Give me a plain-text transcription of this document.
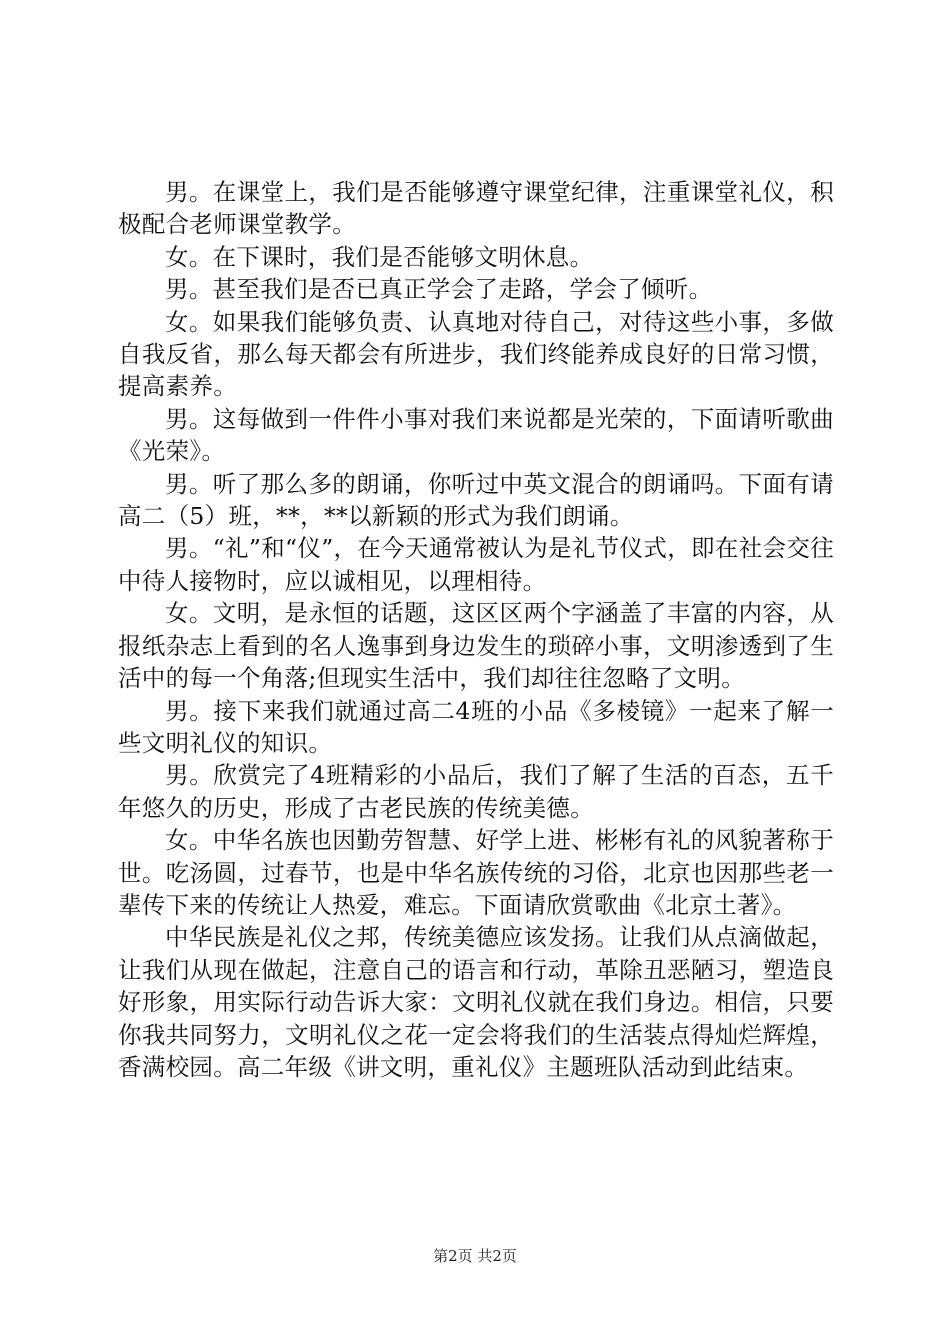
男。在课堂上，我们是否能够遵守课堂纪律，注重课堂礼仪，积极配合老师课堂教学。

女。在下课时，我们是否能够文明休息。

男。甚至我们是否已真正学会了走路，学会了倾听。

女。如果我们能够负责、认真地对待自己，对待这些小事，多做自我反省，那么每天都会有所进步，我们终能养成良好的日常习惯，提高素养。

男。这每做到一件件小事对我们来说都是光荣的，下面请听歌曲《光荣》。

男。听了那么多的朗诵，你听过中英文混合的朗诵吗。下面有请高二（5）班，**，**以新颖的形式为我们朗诵。

男。“礼”和“仪”，在今天通常被认为是礼节仪式，即在社会交往中待人接物时，应以诚相见，以理相待。

女。文明，是永恒的话题，这区区两个字涵盖了丰富的内容，从报纸杂志上看到的名人逸事到身边发生的琐碎小事，文明渗透到了生活中的每一个角落;但现实生活中，我们却往往忽略了文明。

男。接下来我们就通过高二4班的小品《多棱镜》一起来了解一些文明礼仪的知识。

男。欣赏完了4班精彩的小品后，我们了解了生活的百态，五千年悠久的历史，形成了古老民族的传统美德。

女。中华名族也因勤劳智慧、好学上进、彬彬有礼的风貌著称于世。吃汤圆，过春节，也是中华名族传统的习俗，北京也因那些老一辈传下来的传统让人热爱，难忘。下面请欣赏歌曲《北京土著》。

中华民族是礼仪之邦，传统美德应该发扬。让我们从点滴做起，让我们从现在做起，注意自己的语言和行动，革除丑恶陋习，塑造良好形象，用实际行动告诉大家：文明礼仪就在我们身边。相信，只要你我共同努力，文明礼仪之花一定会将我们的生活装点得灿烂辉煌，香满校园。高二年级《讲文明，重礼仪》主题班队活动到此结束。

第2页 共2页
